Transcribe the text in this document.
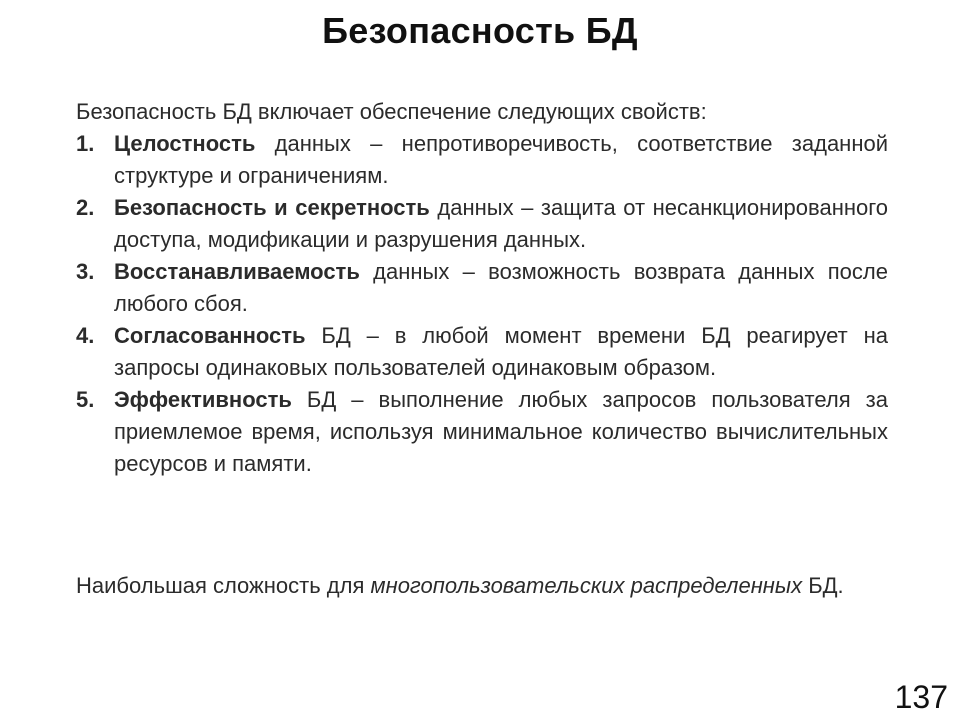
Безопасность БД

Безопасность БД включает обеспечение следующих свойств:

1. Целостность данных – непротиворечивость, соответствие заданной структуре и ограничениям.
2. Безопасность и секретность данных – защита от несанкционированного доступа, модификации и разрушения данных.
3. Восстанавливаемость данных – возможность возврата данных после любого сбоя.
4. Согласованность БД – в любой момент времени БД реагирует на запросы одинаковых пользователей одинаковым образом.
5. Эффективность БД – выполнение любых запросов пользователя за приемлемое время, используя минимальное количество вычислительных ресурсов и памяти.

Наибольшая сложность для многопользовательских распределенных БД.

137
